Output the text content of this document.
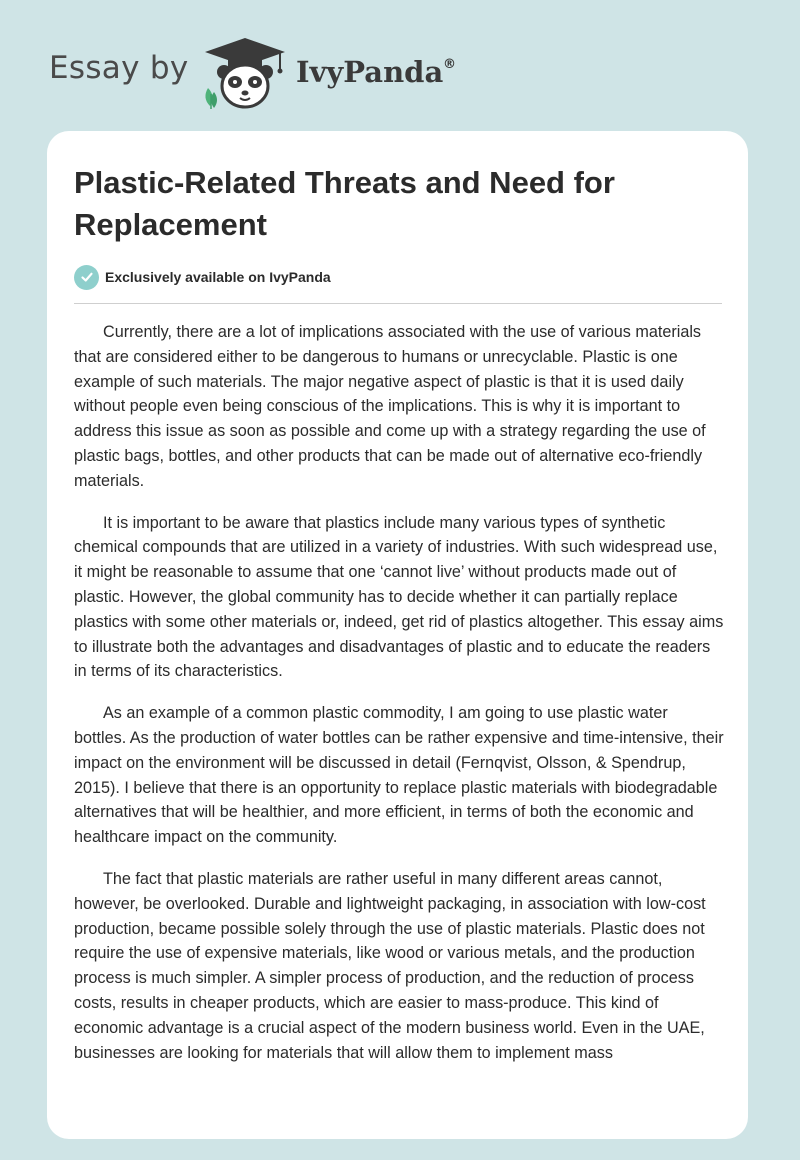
Essay by	IvyPanda ®
Plastic-Related Threats and Need for Replacement
Exclusively available on IvyPanda

Currently, there are a lot of implications associated with the use of various materials that are considered either to be dangerous to humans or unrecyclable. Plastic is one example of such materials. The major negative aspect of plastic is that it is used daily without people even being conscious of the implications. This is why it is important to address this issue as soon as possible and come up with a strategy regarding the use of plastic bags, bottles, and other products that can be made out of alternative eco-friendly materials.

It is important to be aware that plastics include many various types of synthetic chemical compounds that are utilized in a variety of industries. With such widespread use, it might be reasonable to assume that one ‘cannot live’ without products made out of plastic. However, the global community has to decide whether it can partially replace plastics with some other materials or, indeed, get rid of plastics altogether. This essay aims to illustrate both the advantages and disadvantages of plastic and to educate the readers in terms of its characteristics.

As an example of a common plastic commodity, I am going to use plastic water bottles. As the production of water bottles can be rather expensive and time-intensive, their impact on the environment will be discussed in detail (Fernqvist, Olsson, & Spendrup, 2015). I believe that there is an opportunity to replace plastic materials with biodegradable alternatives that will be healthier, and more efficient, in terms of both the economic and healthcare impact on the community.

The fact that plastic materials are rather useful in many different areas cannot, however, be overlooked. Durable and lightweight packaging, in association with low-cost production, became possible solely through the use of plastic materials. Plastic does not require the use of expensive materials, like wood or various metals, and the production process is much simpler. A simpler process of production, and the reduction of process costs, results in cheaper products, which are easier to mass-produce. This kind of economic advantage is a crucial aspect of the modern business world. Even in the UAE, businesses are looking for materials that will allow them to implement mass
